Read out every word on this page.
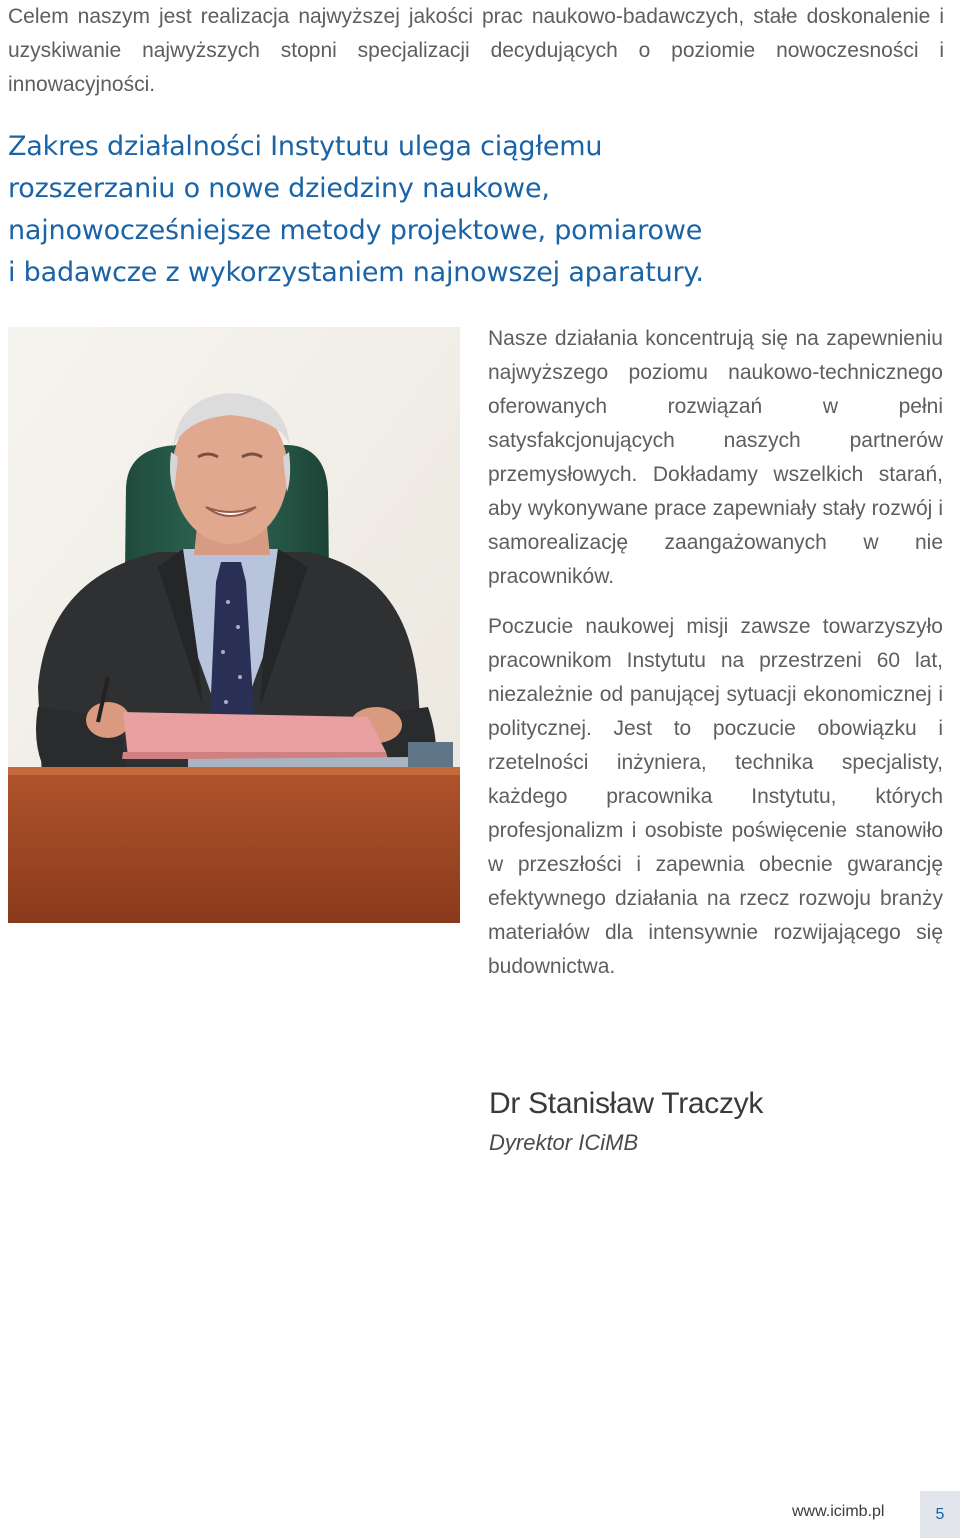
Celem naszym jest realizacja najwyższej jakości prac naukowo-badawczych, stałe doskonalenie i uzyskiwanie najwyższych stopni specjalizacji decydujących o poziomie nowoczesności i innowacyjności.

Zakres działalności Instytutu ulega ciągłemu rozszerzaniu o nowe dziedziny naukowe, najnowocześniejsze metody projektowe, pomiarowe i badawcze z wykorzystaniem najnowszej aparatury.

Nasze działania koncentrują się na zapewnieniu najwyższego poziomu naukowo-technicznego oferowanych rozwiązań w pełni satysfakcjonujących naszych partnerów przemysłowych. Dokładamy wszelkich starań, aby wykonywane prace zapewniały stały rozwój i samorealizację zaangażowanych w nie pracowników.

Poczucie naukowej misji zawsze towarzyszyło pracownikom Instytutu na przestrzeni 60 lat, niezależnie od panującej sytuacji ekonomicznej i politycznej. Jest to poczucie obowiązku i rzetelności inżyniera, technika specjalisty, każdego pracownika Instytutu, których profesjonalizm i osobiste poświęcenie stanowiło w przeszłości i zapewnia obecnie gwarancję efektywnego działania na rzecz rozwoju branży materiałów dla intensywnie rozwijającego się budownictwa.

Dr Stanisław Traczyk

Dyrektor ICiMB

www.icimb.pl	5
